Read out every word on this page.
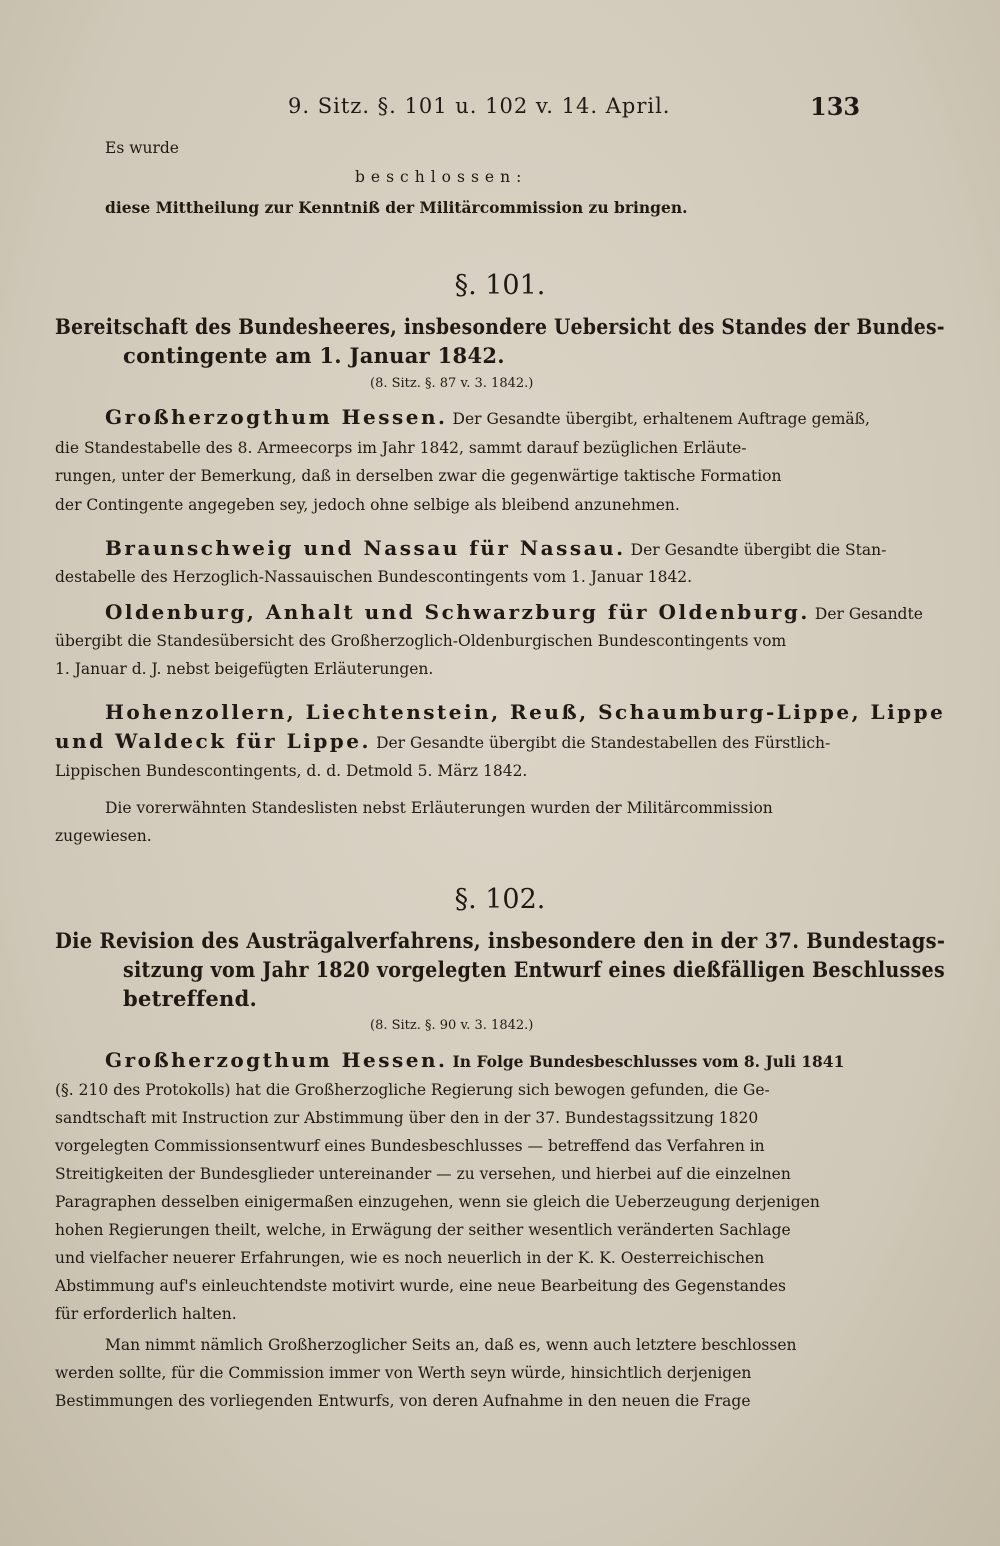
9. Sitz. §. 101 u. 102 v. 14. April.	133
Es wurde
beschlossen:
diese Mittheilung zur Kenntniß der Militärcommission zu bringen.
§. 101.
Bereitschaft des Bundesheeres, insbesondere Uebersicht des Standes der Bundes-
contingente am 1. Januar 1842.
(8. Sitz. §. 87 v. 3. 1842.)
Großherzogthum Hessen. Der Gesandte übergibt, erhaltenem Auftrage gemäß,
die Standestabelle des 8. Armeecorps im Jahr 1842, sammt darauf bezüglichen Erläute-
rungen, unter der Bemerkung, daß in derselben zwar die gegenwärtige taktische Formation
der Contingente angegeben sey, jedoch ohne selbige als bleibend anzunehmen.
Braunschweig und Nassau für Nassau. Der Gesandte übergibt die Stan-
destabelle des Herzoglich-Nassauischen Bundescontingents vom 1. Januar 1842.
Oldenburg, Anhalt und Schwarzburg für Oldenburg. Der Gesandte
übergibt die Standesübersicht des Großherzoglich-Oldenburgischen Bundescontingents vom
1. Januar d. J. nebst beigefügten Erläuterungen.
Hohenzollern, Liechtenstein, Reuß, Schaumburg-Lippe, Lippe
und Waldeck für Lippe. Der Gesandte übergibt die Standestabellen des Fürstlich-
Lippischen Bundescontingents, d. d. Detmold 5. März 1842.
Die vorerwähnten Standeslisten nebst Erläuterungen wurden der Militärcommission
zugewiesen.
§. 102.
Die Revision des Austrägalverfahrens, insbesondere den in der 37. Bundestags-
sitzung vom Jahr 1820 vorgelegten Entwurf eines dießfälligen Beschlusses
betreffend.
(8. Sitz. §. 90 v. 3. 1842.)
Großherzogthum Hessen. In Folge Bundesbeschlusses vom 8. Juli 1841
(§. 210 des Protokolls) hat die Großherzogliche Regierung sich bewogen gefunden, die Ge-
sandtschaft mit Instruction zur Abstimmung über den in der 37. Bundestagssitzung 1820
vorgelegten Commissionsentwurf eines Bundesbeschlusses — betreffend das Verfahren in
Streitigkeiten der Bundesglieder untereinander — zu versehen, und hierbei auf die einzelnen
Paragraphen desselben einigermaßen einzugehen, wenn sie gleich die Ueberzeugung derjenigen
hohen Regierungen theilt, welche, in Erwägung der seither wesentlich veränderten Sachlage
und vielfacher neuerer Erfahrungen, wie es noch neuerlich in der K. K. Oesterreichischen
Abstimmung auf's einleuchtendste motivirt wurde, eine neue Bearbeitung des Gegenstandes
für erforderlich halten.
Man nimmt nämlich Großherzoglicher Seits an, daß es, wenn auch letztere beschlossen
werden sollte, für die Commission immer von Werth seyn würde, hinsichtlich derjenigen
Bestimmungen des vorliegenden Entwurfs, von deren Aufnahme in den neuen die Frage
